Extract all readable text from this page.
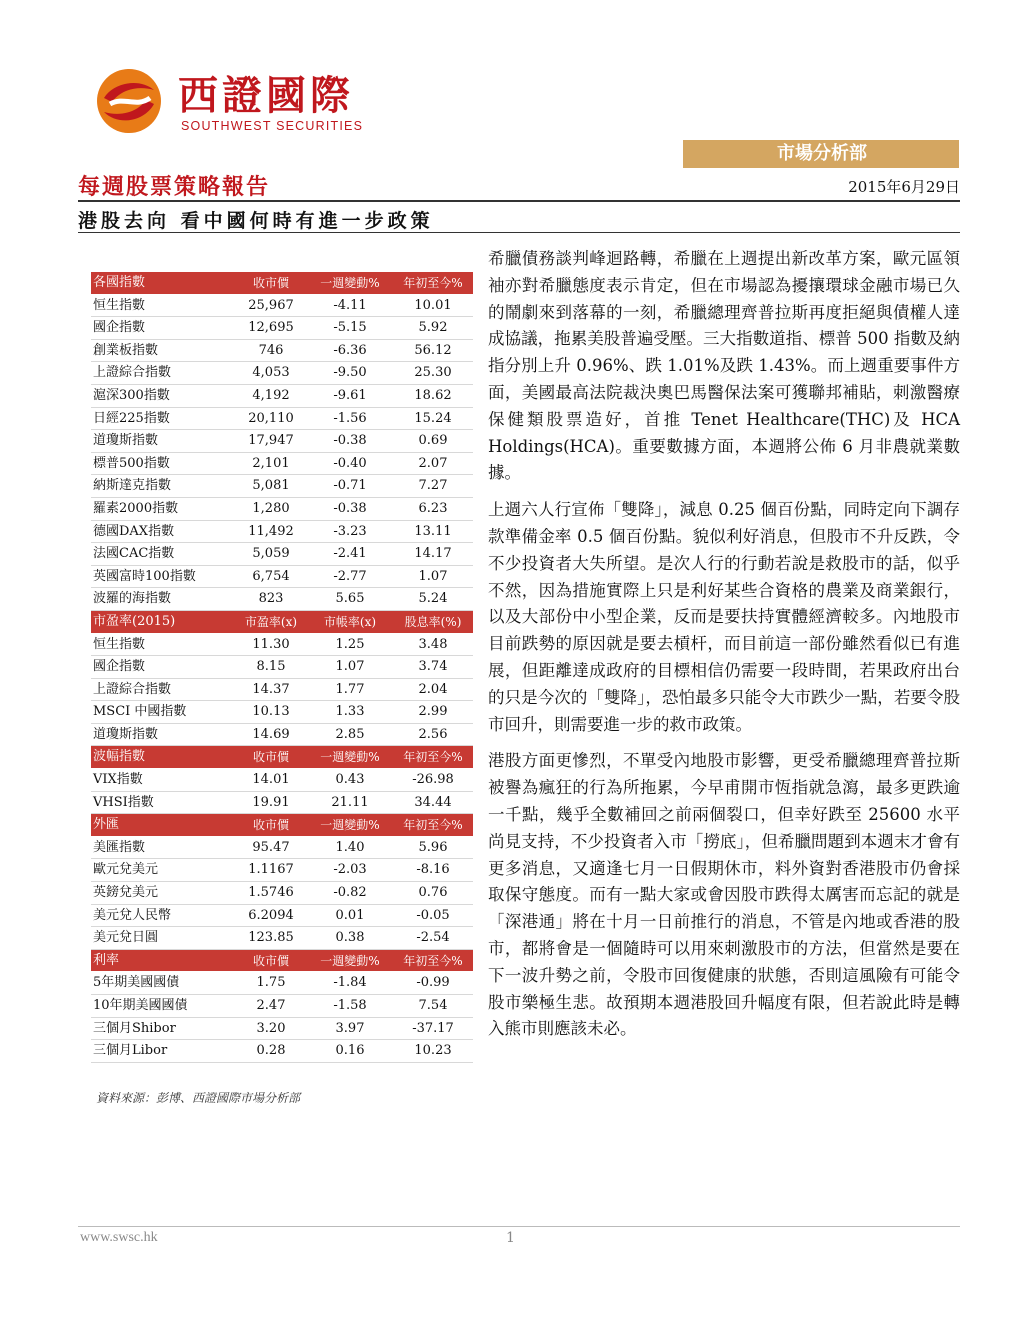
西證國際
SOUTHWEST SECURITIES
市場分析部
每週股票策略報告	2015年6月29日
港股去向 看中國何時有進一步政策
各國指數	收市價	一週變動%	年初至今%
恒生指數	25,967	-4.11	10.01
國企指數	12,695	-5.15	5.92
創業板指數	746	-6.36	56.12
上證綜合指數	4,053	-9.50	25.30
滬深300指數	4,192	-9.61	18.62
日經225指數	20,110	-1.56	15.24
道瓊斯指數	17,947	-0.38	0.69
標普500指數	2,101	-0.40	2.07
納斯達克指數	5,081	-0.71	7.27
羅素2000指數	1,280	-0.38	6.23
德國DAX指數	11,492	-3.23	13.11
法國CAC指數	5,059	-2.41	14.17
英國富時100指數	6,754	-2.77	1.07
波羅的海指數	823	5.65	5.24
市盈率(2015)	市盈率(x)	市帳率(x)	股息率(%)
恒生指數	11.30	1.25	3.48
國企指數	8.15	1.07	3.74
上證綜合指數	14.37	1.77	2.04
MSCI 中國指數	10.13	1.33	2.99
道瓊斯指數	14.69	2.85	2.56
波幅指數	收市價	一週變動%	年初至今%
VIX指數	14.01	0.43	-26.98
VHSI指數	19.91	21.11	34.44
外匯	收市價	一週變動%	年初至今%
美匯指數	95.47	1.40	5.96
歐元兌美元	1.1167	-2.03	-8.16
英鎊兌美元	1.5746	-0.82	0.76
美元兌人民幣	6.2094	0.01	-0.05
美元兌日圓	123.85	0.38	-2.54
利率	收市價	一週變動%	年初至今%
5年期美國國債	1.75	-1.84	-0.99
10年期美國國債	2.47	-1.58	7.54
三個月Shibor	3.20	3.97	-37.17
三個月Libor	0.28	0.16	10.23
資料來源：彭博、西證國際市場分析部

希臘債務談判峰迴路轉，希臘在上週提出新改革方案，歐元區領袖亦對希臘態度表示肯定，但在市場認為擾攘環球金融市場已久的鬧劇來到落幕的一刻，希臘總理齊普拉斯再度拒絕與債權人達成協議，拖累美股普遍受壓。三大指數道指、標普 500 指數及納指分別上升 0.96%、跌 1.01%及跌 1.43%。而上週重要事件方面，美國最高法院裁決奧巴馬醫保法案可獲聯邦補貼，刺激醫療保健類股票造好，首推 Tenet Healthcare(THC)及 HCA Holdings(HCA)。重要數據方面，本週將公佈 6 月非農就業數據。

上週六人行宣佈「雙降」，減息 0.25 個百份點，同時定向下調存款準備金率 0.5 個百份點。貌似利好消息，但股市不升反跌，令不少投資者大失所望。是次人行的行動若說是救股市的話，似乎不然，因為措施實際上只是利好某些合資格的農業及商業銀行，以及大部份中小型企業，反而是要扶持實體經濟較多。內地股市目前跌勢的原因就是要去槓杆，而目前這一部份雖然看似已有進展，但距離達成政府的目標相信仍需要一段時間，若果政府出台的只是今次的「雙降」，恐怕最多只能令大市跌少一點，若要令股市回升，則需要進一步的救市政策。

港股方面更慘烈，不單受內地股市影響，更受希臘總理齊普拉斯被譽為瘋狂的行為所拖累，今早甫開市恆指就急瀉，最多更跌逾一千點，幾乎全數補回之前兩個裂口，但幸好跌至 25600 水平尚見支持，不少投資者入市「撈底」，但希臘問題到本週末才會有更多消息，又適逢七月一日假期休市，料外資對香港股市仍會採取保守態度。而有一點大家或會因股市跌得太厲害而忘記的就是「深港通」將在十月一日前推行的消息，不管是內地或香港的股市，都將會是一個隨時可以用來刺激股市的方法，但當然是要在下一波升勢之前，令股市回復健康的狀態，否則這風險有可能令股市樂極生悲。故預期本週港股回升幅度有限，但若說此時是轉入熊市則應該未必。

www.swsc.hk	1
